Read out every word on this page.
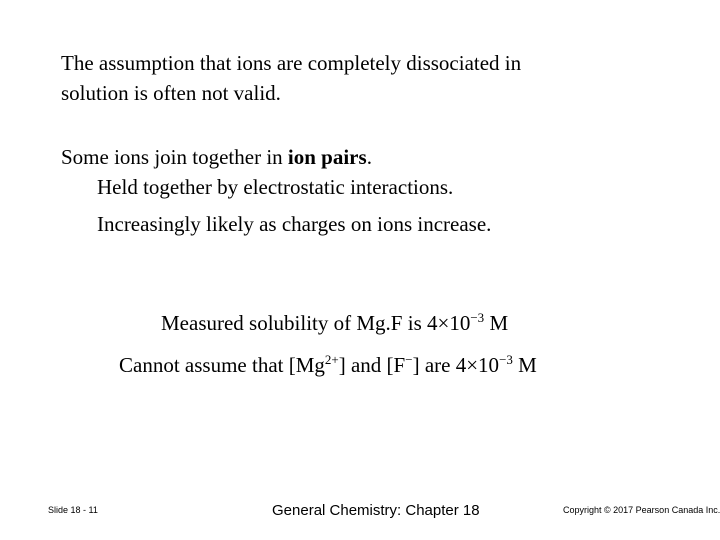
The assumption that ions are completely dissociated in
solution is often not valid.
Some ions join together in ion pairs.
Held together by electrostatic interactions.
Increasingly likely as charges on ions increase.
Measured solubility of Mg.F is $4\times 10^{-3}$ M
Cannot assume that $[Mg^{2+}]$ and [F−] are $4\times 10^{-3}$ M
Slide 18 - 11	General Chemistry: Chapter 18	Copyright © 2017 Pearson Canada Inc.
